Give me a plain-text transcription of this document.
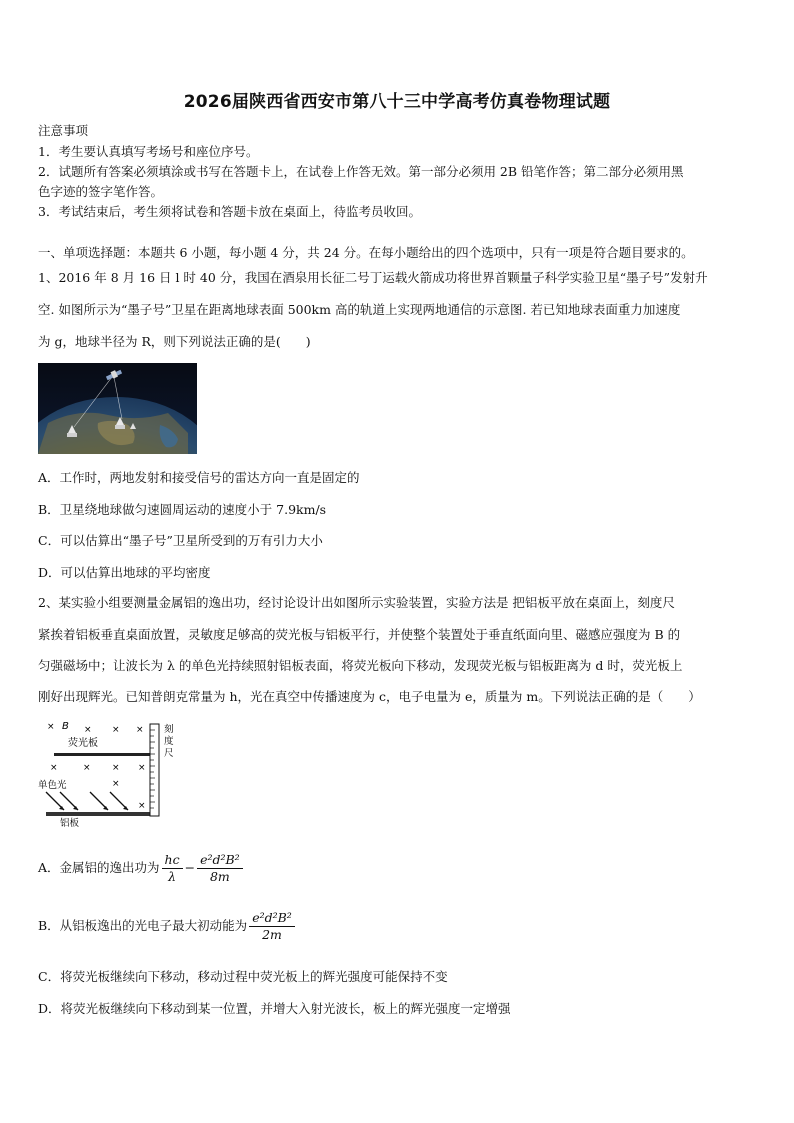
2026届陕西省西安市第八十三中学高考仿真卷物理试题
注意事项
1．考生要认真填写考场号和座位序号。
2．试题所有答案必须填涂或书写在答题卡上，在试卷上作答无效。第一部分必须用 2B 铅笔作答；第二部分必须用黑
色字迹的签字笔作答。
3．考试结束后，考生须将试卷和答题卡放在桌面上，待监考员收回。
一、单项选择题：本题共 6 小题，每小题 4 分，共 24 分。在每小题给出的四个选项中，只有一项是符合题目要求的。
1、2016 年 8 月 16 日 l 时 40 分，我国在酒泉用长征二号丁运载火箭成功将世界首颗量子科学实验卫星“墨子号”发射升
空. 如图所示为“墨子号”卫星在距离地球表面 500km 高的轨道上实现两地通信的示意图. 若已知地球表面重力加速度
为 g，地球半径为 R，则下列说法正确的是(　　)
A．工作时，两地发射和接受信号的雷达方向一直是固定的
B．卫星绕地球做匀速圆周运动的速度小于 7.9km/s
C．可以估算出“墨子号”卫星所受到的万有引力大小
D．可以估算出地球的平均密度
2、某实验小组要测量金属铝的逸出功，经讨论设计出如图所示实验装置，实验方法是 把铝板平放在桌面上，刻度尺
紧挨着铝板垂直桌面放置，灵敏度足够高的荧光板与铝板平行，并使整个装置处于垂直纸面向里、磁感应强度为 B 的
匀强磁场中；让波长为 λ 的单色光持续照射铝板表面，将荧光板向下移动，发现荧光板与铝板距离为 d 时，荧光板上
刚好出现辉光。已知普朗克常量为 h，光在真空中传播速度为 c，电子电量为 e，质量为 m。下列说法正确的是（　　）
× B × × ×
荧光板
×	× × ×
单色光	×
×
铝板
刻
度
尺
A．金属铝的逸出功为 $\frac{hc}{\lambda} - \frac{\text{e²d²B²}}{8m}$
B．从铝板逸出的光电子最大初动能为 $\frac{\text{e²d²B²}}{2m}$
C．将荧光板继续向下移动，移动过程中荧光板上的辉光强度可能保持不变
D．将荧光板继续向下移动到某一位置，并增大入射光波长，板上的辉光强度一定增强
